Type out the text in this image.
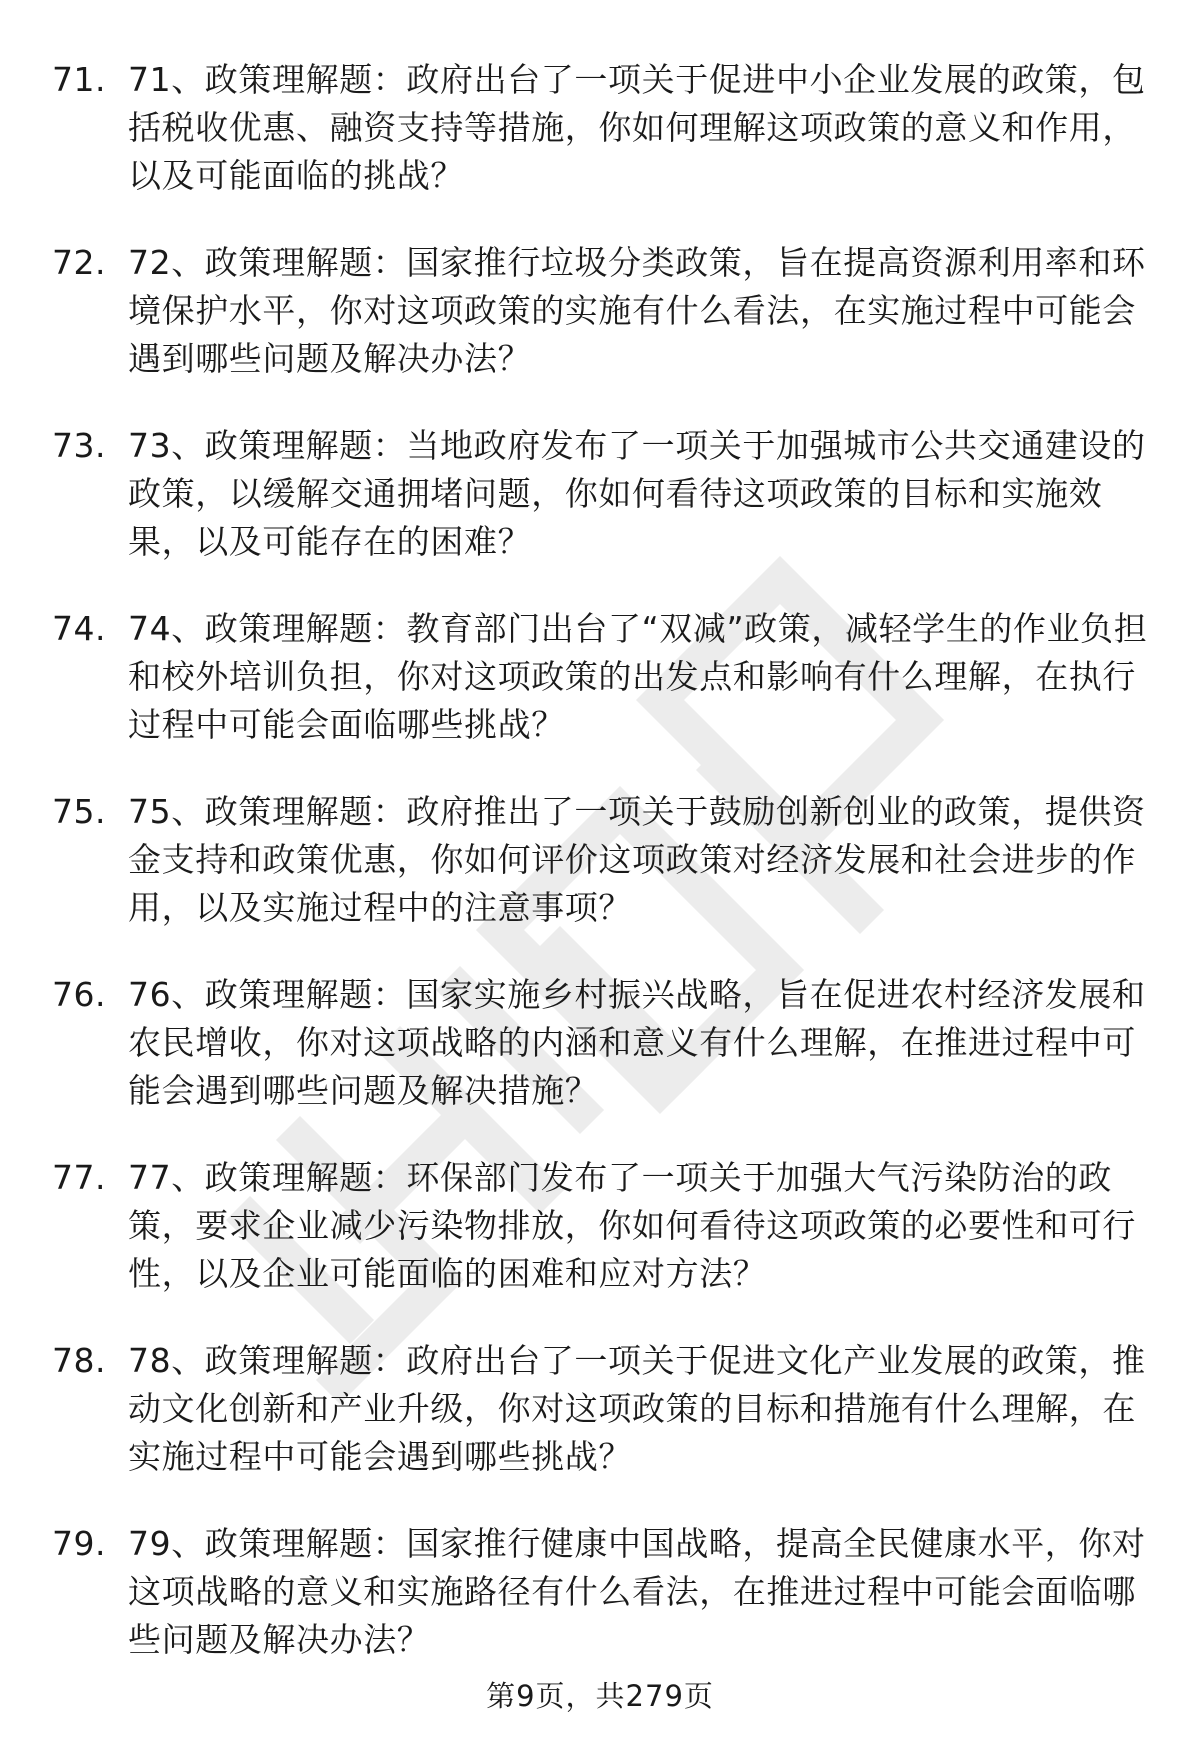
71. 71、政策理解题：政府出台了一项关于促进中小企业发展的政策，包括税收优惠、融资支持等措施，你如何理解这项政策的意义和作用，以及可能面临的挑战？
72. 72、政策理解题：国家推行垃圾分类政策，旨在提高资源利用率和环境保护水平，你对这项政策的实施有什么看法，在实施过程中可能会遇到哪些问题及解决办法？
73. 73、政策理解题：当地政府发布了一项关于加强城市公共交通建设的政策，以缓解交通拥堵问题，你如何看待这项政策的目标和实施效果，以及可能存在的困难？
74. 74、政策理解题：教育部门出台了“双减”政策，减轻学生的作业负担和校外培训负担，你对这项政策的出发点和影响有什么理解，在执行过程中可能会面临哪些挑战？
75. 75、政策理解题：政府推出了一项关于鼓励创新创业的政策，提供资金支持和政策优惠，你如何评价这项政策对经济发展和社会进步的作用，以及实施过程中的注意事项？
76. 76、政策理解题：国家实施乡村振兴战略，旨在促进农村经济发展和农民增收，你对这项战略的内涵和意义有什么理解，在推进过程中可能会遇到哪些问题及解决措施？
77. 77、政策理解题：环保部门发布了一项关于加强大气污染防治的政策，要求企业减少污染物排放，你如何看待这项政策的必要性和可行性，以及企业可能面临的困难和应对方法？
78. 78、政策理解题：政府出台了一项关于促进文化产业发展的政策，推动文化创新和产业升级，你对这项政策的目标和措施有什么理解，在实施过程中可能会遇到哪些挑战？
79. 79、政策理解题：国家推行健康中国战略，提高全民健康水平，你对这项战略的意义和实施路径有什么看法，在推进过程中可能会面临哪些问题及解决办法？
第9页，共279页
